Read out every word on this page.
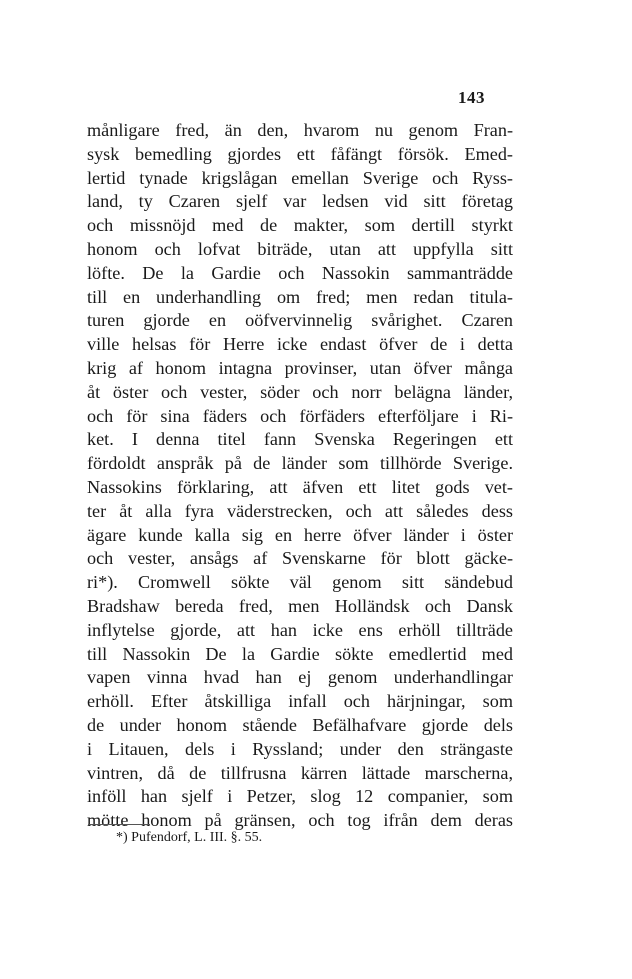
143
månligare fred, än den, hvarom nu genom Fran-
sysk bemedling gjordes ett fåfängt försök. Emed-
lertid tynade krigslågan emellan Sverige och Ryss-
land, ty Czaren sjelf var ledsen vid sitt företag
och missnöjd med de makter, som dertill styrkt
honom och lofvat biträde, utan att uppfylla sitt
löfte. De la Gardie och Nassokin sammanträdde
till en underhandling om fred; men redan titula-
turen gjorde en oöfvervinnelig svårighet. Czaren
ville helsas för Herre icke endast öfver de i detta
krig af honom intagna provinser, utan öfver många
åt öster och vester, söder och norr belägna länder,
och för sina fäders och förfäders efterföljare i Ri-
ket. I denna titel fann Svenska Regeringen ett
fördoldt anspråk på de länder som tillhörde Sverige.
Nassokins förklaring, att äfven ett litet gods vet-
ter åt alla fyra väderstrecken, och att således dess
ägare kunde kalla sig en herre öfver länder i öster
och vester, ansågs af Svenskarne för blott gäcke-
ri*). Cromwell sökte väl genom sitt sändebud
Bradshaw bereda fred, men Holländsk och Dansk
inflytelse gjorde, att han icke ens erhöll tillträde
till Nassokin De la Gardie sökte emedlertid med
vapen vinna hvad han ej genom underhandlingar
erhöll. Efter åtskilliga infall och härjningar, som
de under honom stående Befälhafvare gjorde dels
i Litauen, dels i Ryssland; under den strängaste
vintren, då de tillfrusna kärren lättade marscherna,
inföll han sjelf i Petzer, slog 12 companier, som
mötte honom på gränsen, och tog ifrån dem deras
*) Pufendorf, L. III. §. 55.
